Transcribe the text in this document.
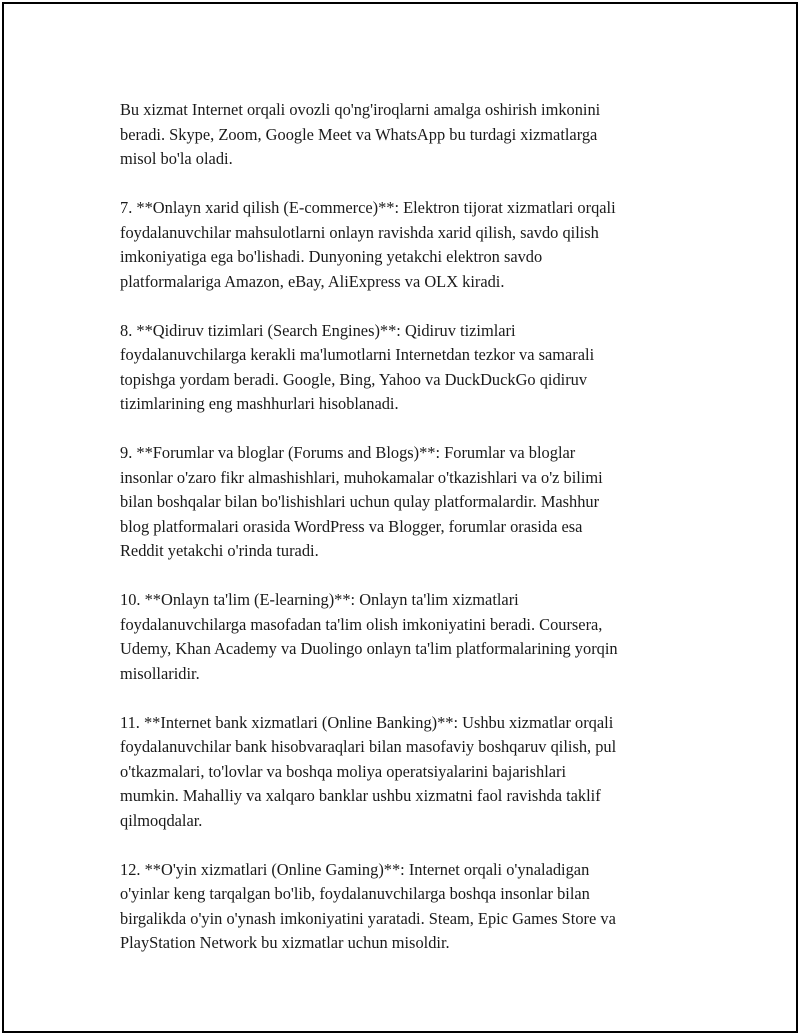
Bu xizmat Internet orqali ovozli qo'ng'iroqlarni amalga oshirish imkonini
beradi. Skype, Zoom, Google Meet va WhatsApp bu turdagi xizmatlarga
misol bo'la oladi.

7. **Onlayn xarid qilish (E-commerce)**: Elektron tijorat xizmatlari orqali
foydalanuvchilar mahsulotlarni onlayn ravishda xarid qilish, savdo qilish
imkoniyatiga ega bo'lishadi. Dunyoning yetakchi elektron savdo
platformalariga Amazon, eBay, AliExpress va OLX kiradi.

8. **Qidiruv tizimlari (Search Engines)**: Qidiruv tizimlari
foydalanuvchilarga kerakli ma'lumotlarni Internetdan tezkor va samarali
topishga yordam beradi. Google, Bing, Yahoo va DuckDuckGo qidiruv
tizimlarining eng mashhurlari hisoblanadi.

9. **Forumlar va bloglar (Forums and Blogs)**: Forumlar va bloglar
insonlar o'zaro fikr almashishlari, muhokamalar o'tkazishlari va o'z bilimi
bilan boshqalar bilan bo'lishishlari uchun qulay platformalardir. Mashhur
blog platformalari orasida WordPress va Blogger, forumlar orasida esa
Reddit yetakchi o'rinda turadi.

10. **Onlayn ta'lim (E-learning)**: Onlayn ta'lim xizmatlari
foydalanuvchilarga masofadan ta'lim olish imkoniyatini beradi. Coursera,
Udemy, Khan Academy va Duolingo onlayn ta'lim platformalarining yorqin
misollaridir.

11. **Internet bank xizmatlari (Online Banking)**: Ushbu xizmatlar orqali
foydalanuvchilar bank hisobvaraqlari bilan masofaviy boshqaruv qilish, pul
o'tkazmalari, to'lovlar va boshqa moliya operatsiyalarini bajarishlari
mumkin. Mahalliy va xalqaro banklar ushbu xizmatni faol ravishda taklif
qilmoqdalar.

12. **O'yin xizmatlari (Online Gaming)**: Internet orqali o'ynaladigan
o'yinlar keng tarqalgan bo'lib, foydalanuvchilarga boshqa insonlar bilan
birgalikda o'yin o'ynash imkoniyatini yaratadi. Steam, Epic Games Store va
PlayStation Network bu xizmatlar uchun misoldir.
